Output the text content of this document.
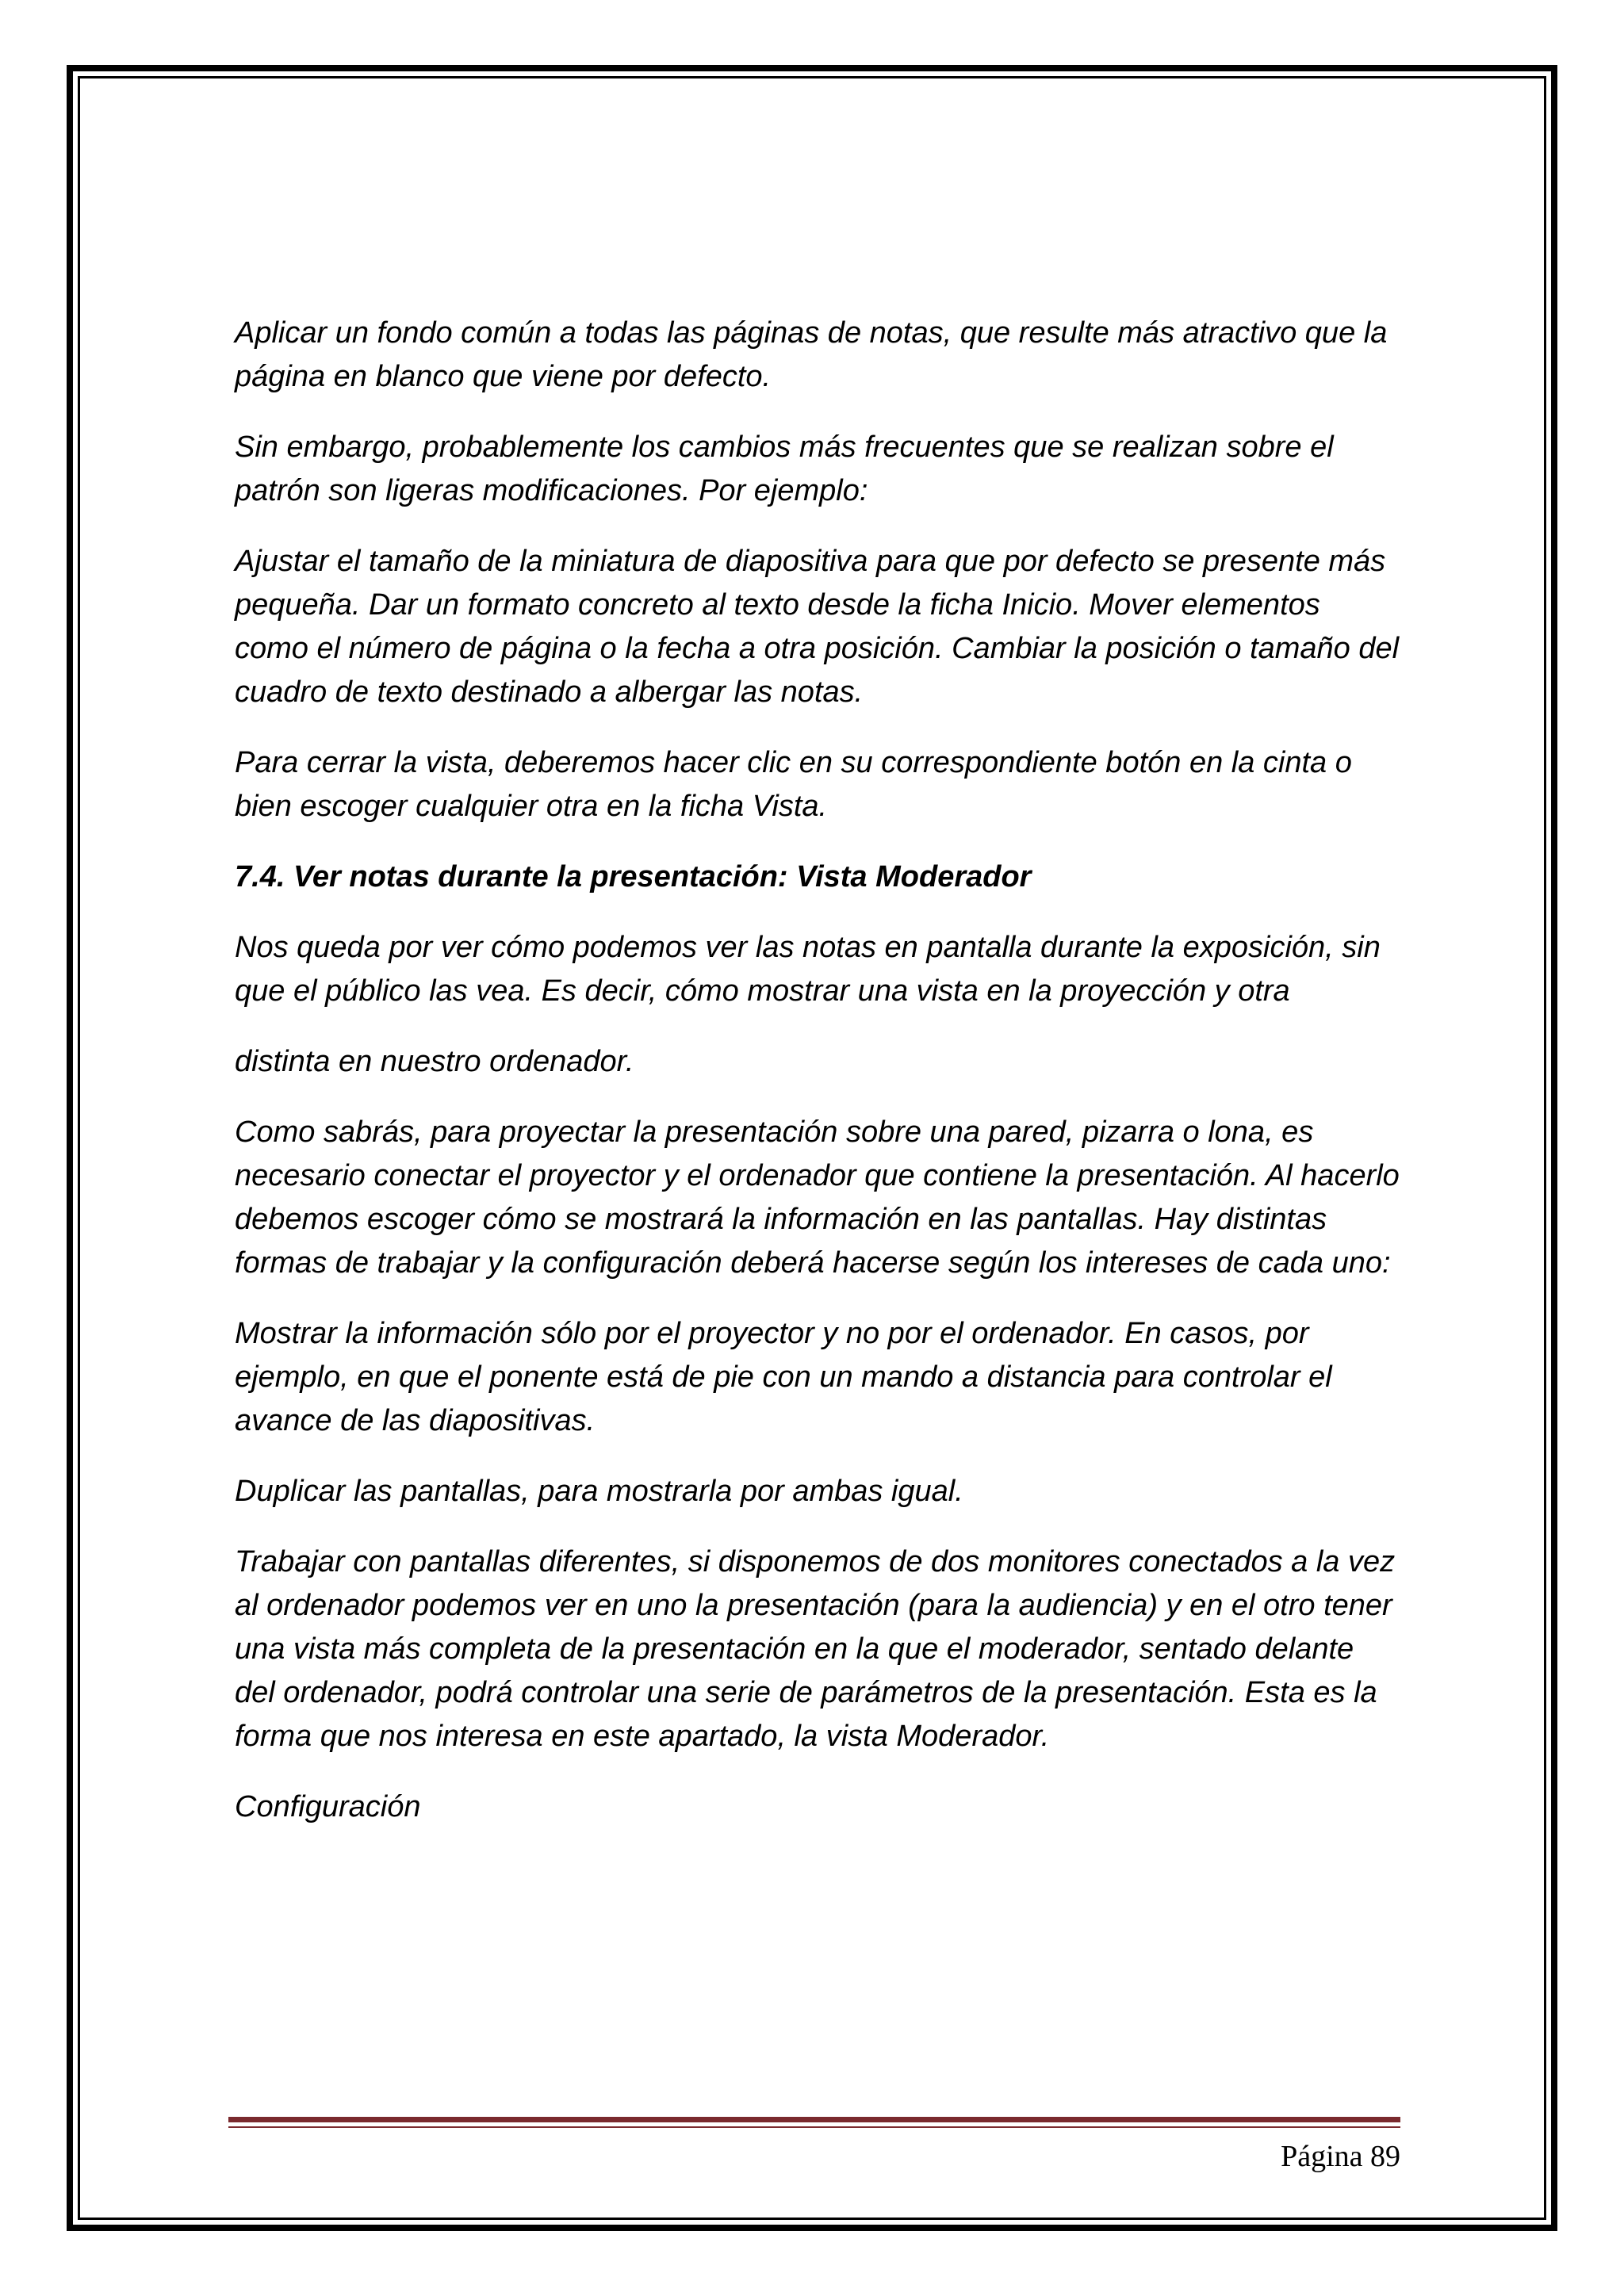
Aplicar un fondo común a todas las páginas de notas, que resulte más atractivo que la página en blanco que viene por defecto.

Sin embargo, probablemente los cambios más frecuentes que se realizan sobre el patrón son ligeras modificaciones. Por ejemplo:

Ajustar el tamaño de la miniatura de diapositiva para que por defecto se presente más pequeña. Dar un formato concreto al texto desde la ficha Inicio. Mover elementos como el número de página o la fecha a otra posición. Cambiar la posición o tamaño del cuadro de texto destinado a albergar las notas.

Para cerrar la vista, deberemos hacer clic en su correspondiente botón en la cinta o bien escoger cualquier otra en la ficha Vista.

7.4. Ver notas durante la presentación: Vista Moderador

Nos queda por ver cómo podemos ver las notas en pantalla durante la exposición, sin que el público las vea. Es decir, cómo mostrar una vista en la proyección y otra

distinta en nuestro ordenador.

Como sabrás, para proyectar la presentación sobre una pared, pizarra o lona, es necesario conectar el proyector y el ordenador que contiene la presentación. Al hacerlo debemos escoger cómo se mostrará la información en las pantallas. Hay distintas formas de trabajar y la configuración deberá hacerse según los intereses de cada uno:

Mostrar la información sólo por el proyector y no por el ordenador. En casos, por ejemplo, en que el ponente está de pie con un mando a distancia para controlar el avance de las diapositivas.

Duplicar las pantallas, para mostrarla por ambas igual.

Trabajar con pantallas diferentes, si disponemos de dos monitores conectados a la vez al ordenador podemos ver en uno la presentación (para la audiencia) y en el otro tener una vista más completa de la presentación en la que el moderador, sentado delante del ordenador, podrá controlar una serie de parámetros de la presentación. Esta es la forma que nos interesa en este apartado, la vista Moderador.

Configuración

Página 89
